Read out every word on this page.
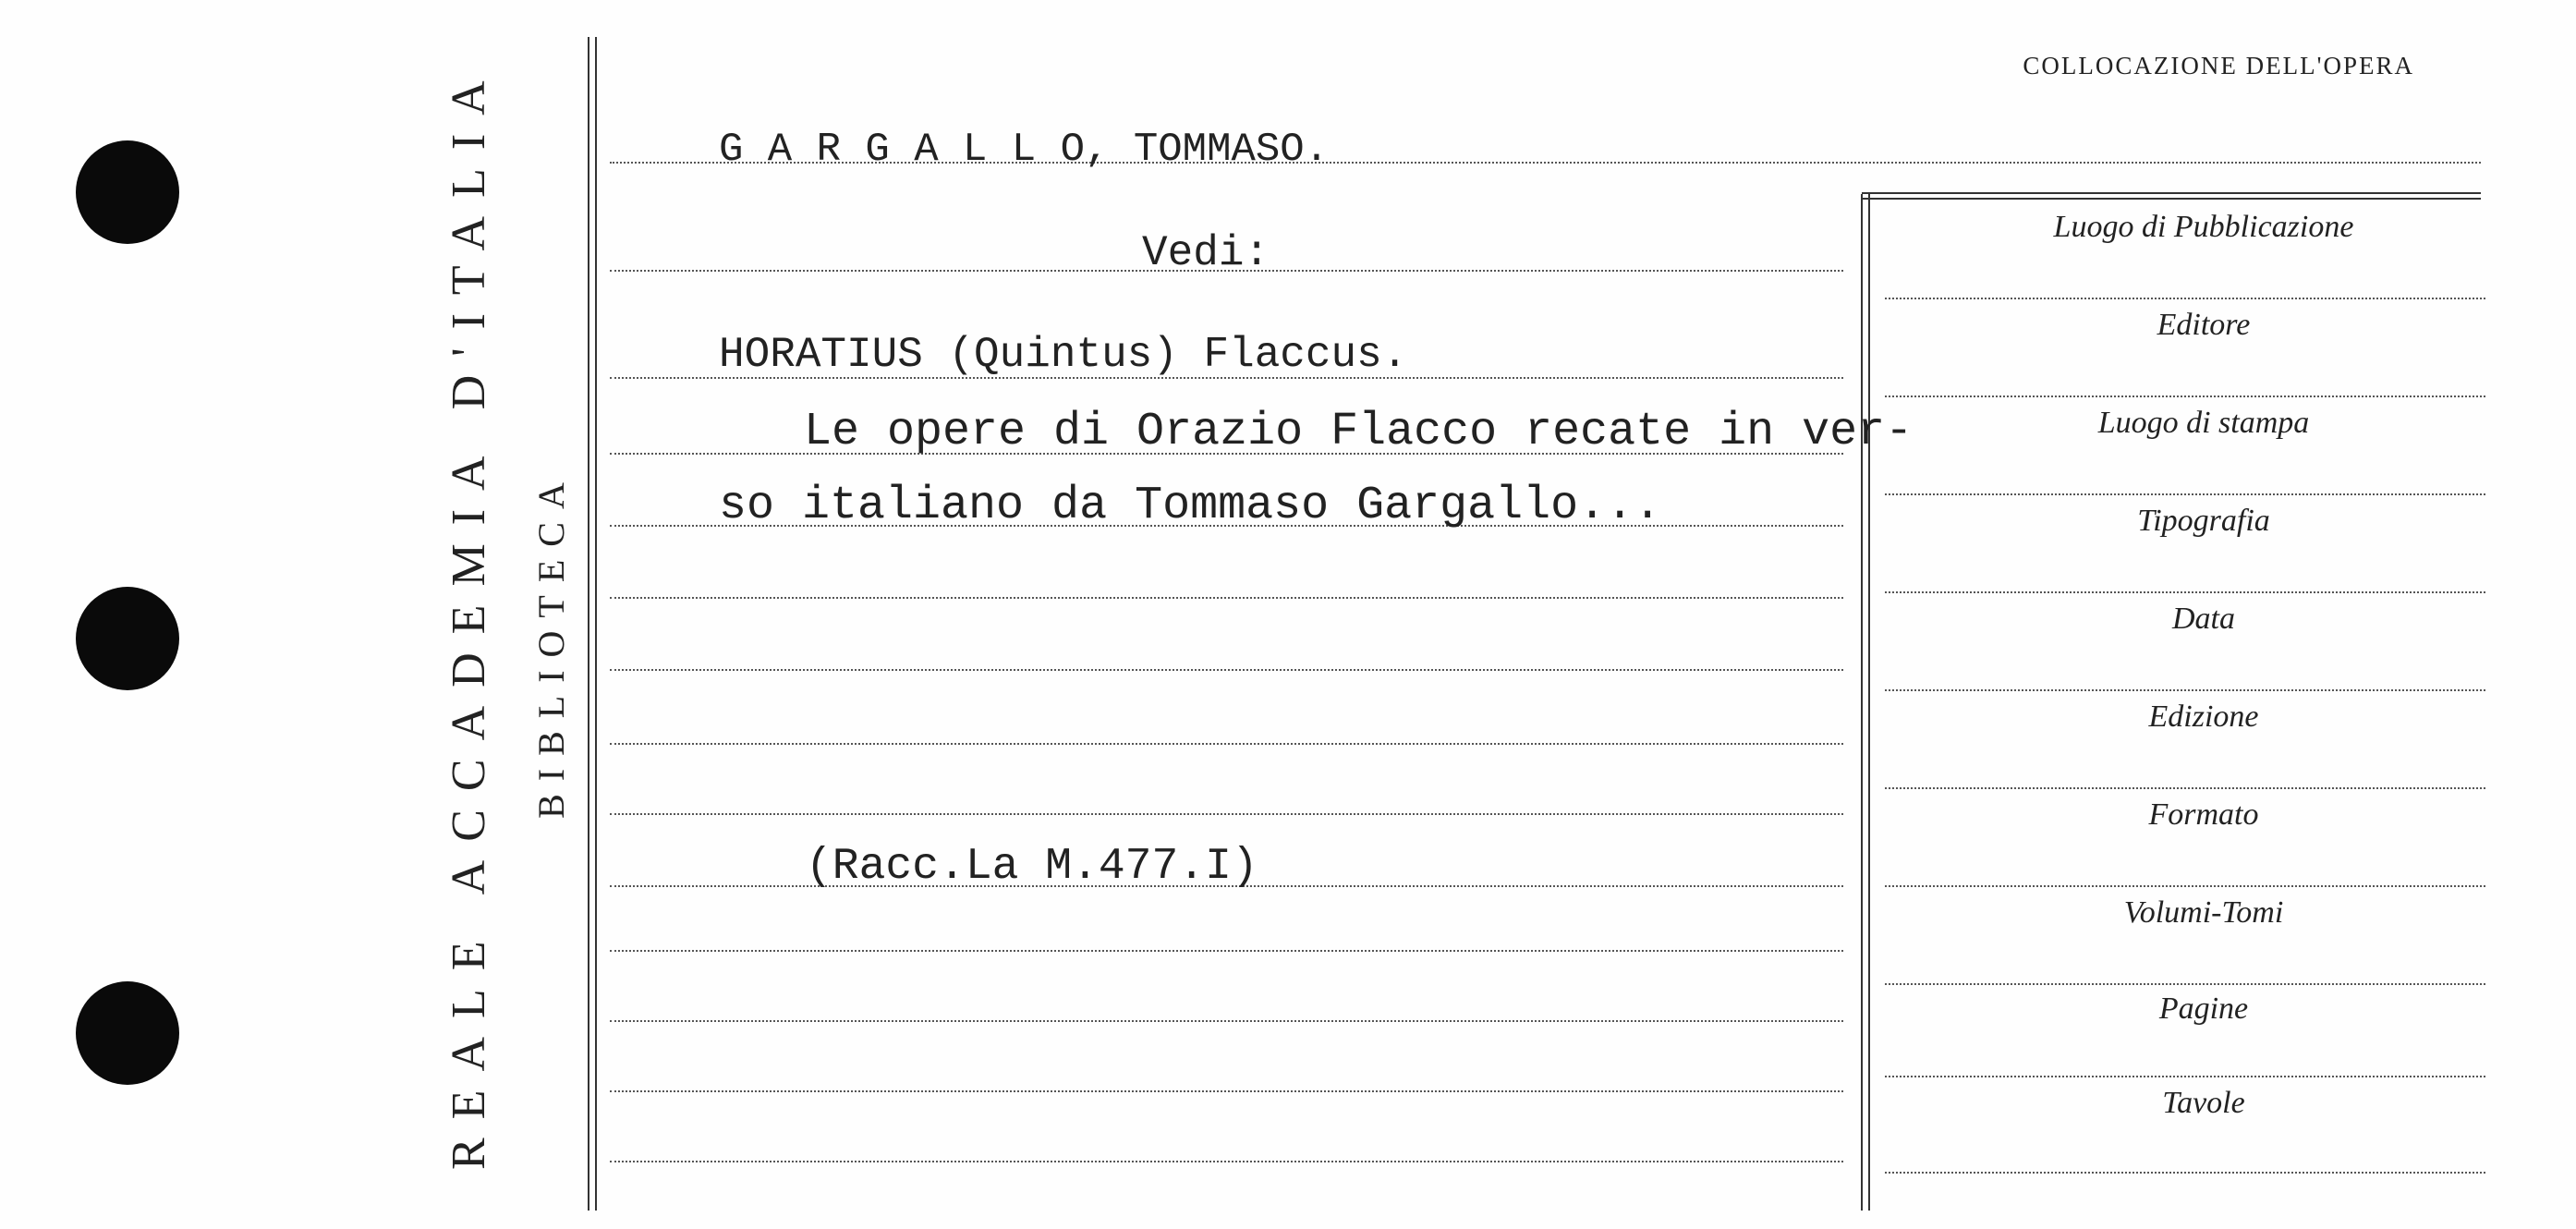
REALE ACCADEMIA D'ITALIA BIBLIOTECA
COLLOCAZIONE DELL'OPERA
G A R G A L L O, TOMMASO.
Vedi:
HORATIUS (Quintus) Flaccus.
Le opere di Orazio Flacco recate in ver-
so italiano da Tommaso Gargallo...
(Racc.La M.477.I)
Luogo di Pubblicazione
Editore
Luogo di stampa
Tipografia
Data
Edizione
Formato
Volumi-Tomi
Pagine
Tavole
